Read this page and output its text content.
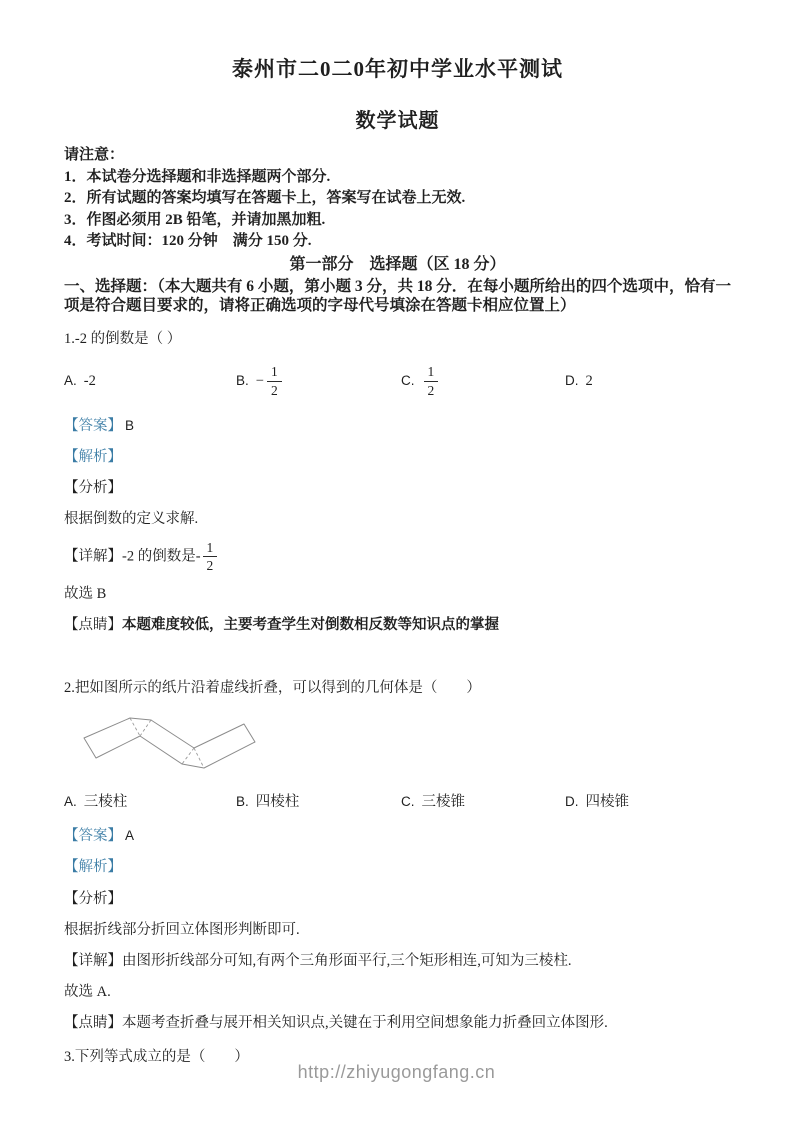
泰州市二0二0年初中学业水平测试
数学试题
请注意：
1．本试卷分选择题和非选择题两个部分.
2．所有试题的答案均填写在答题卡上，答案写在试卷上无效.
3．作图必须用 2B 铅笔，并请加黑加粗.
4．考试时间：120 分钟　满分 150 分.
第一部分　选择题（区 18 分）
一、选择题：（本大题共有 6 小题，第小题 3 分，共 18 分．在每小题所给出的四个选项中，恰有一项是符合题目要求的，请将正确选项的字母代号填涂在答题卡相应位置上）
1.-2 的倒数是（ ）
A. -2	B. − $\frac{1}{2}$	C. $\frac{1}{2}$	D. 2
【答案】 B
【解析】
【分析】
根据倒数的定义求解.
【详解】-2 的倒数是- $\frac{1}{2}$
故选 B
【点睛】本题难度较低，主要考查学生对倒数相反数等知识点的掌握
2.把如图所示的纸片沿着虚线折叠，可以得到的几何体是（　　）
A. 三棱柱	B. 四棱柱	C. 三棱锥	D. 四棱锥
【答案】 A
【解析】
【分析】
根据折线部分折回立体图形判断即可.
【详解】由图形折线部分可知,有两个三角形面平行,三个矩形相连,可知为三棱柱.
故选 A.
【点睛】本题考查折叠与展开相关知识点,关键在于利用空间想象能力折叠回立体图形.
3.下列等式成立的是（　　）
http://zhiyugongfang.cn
